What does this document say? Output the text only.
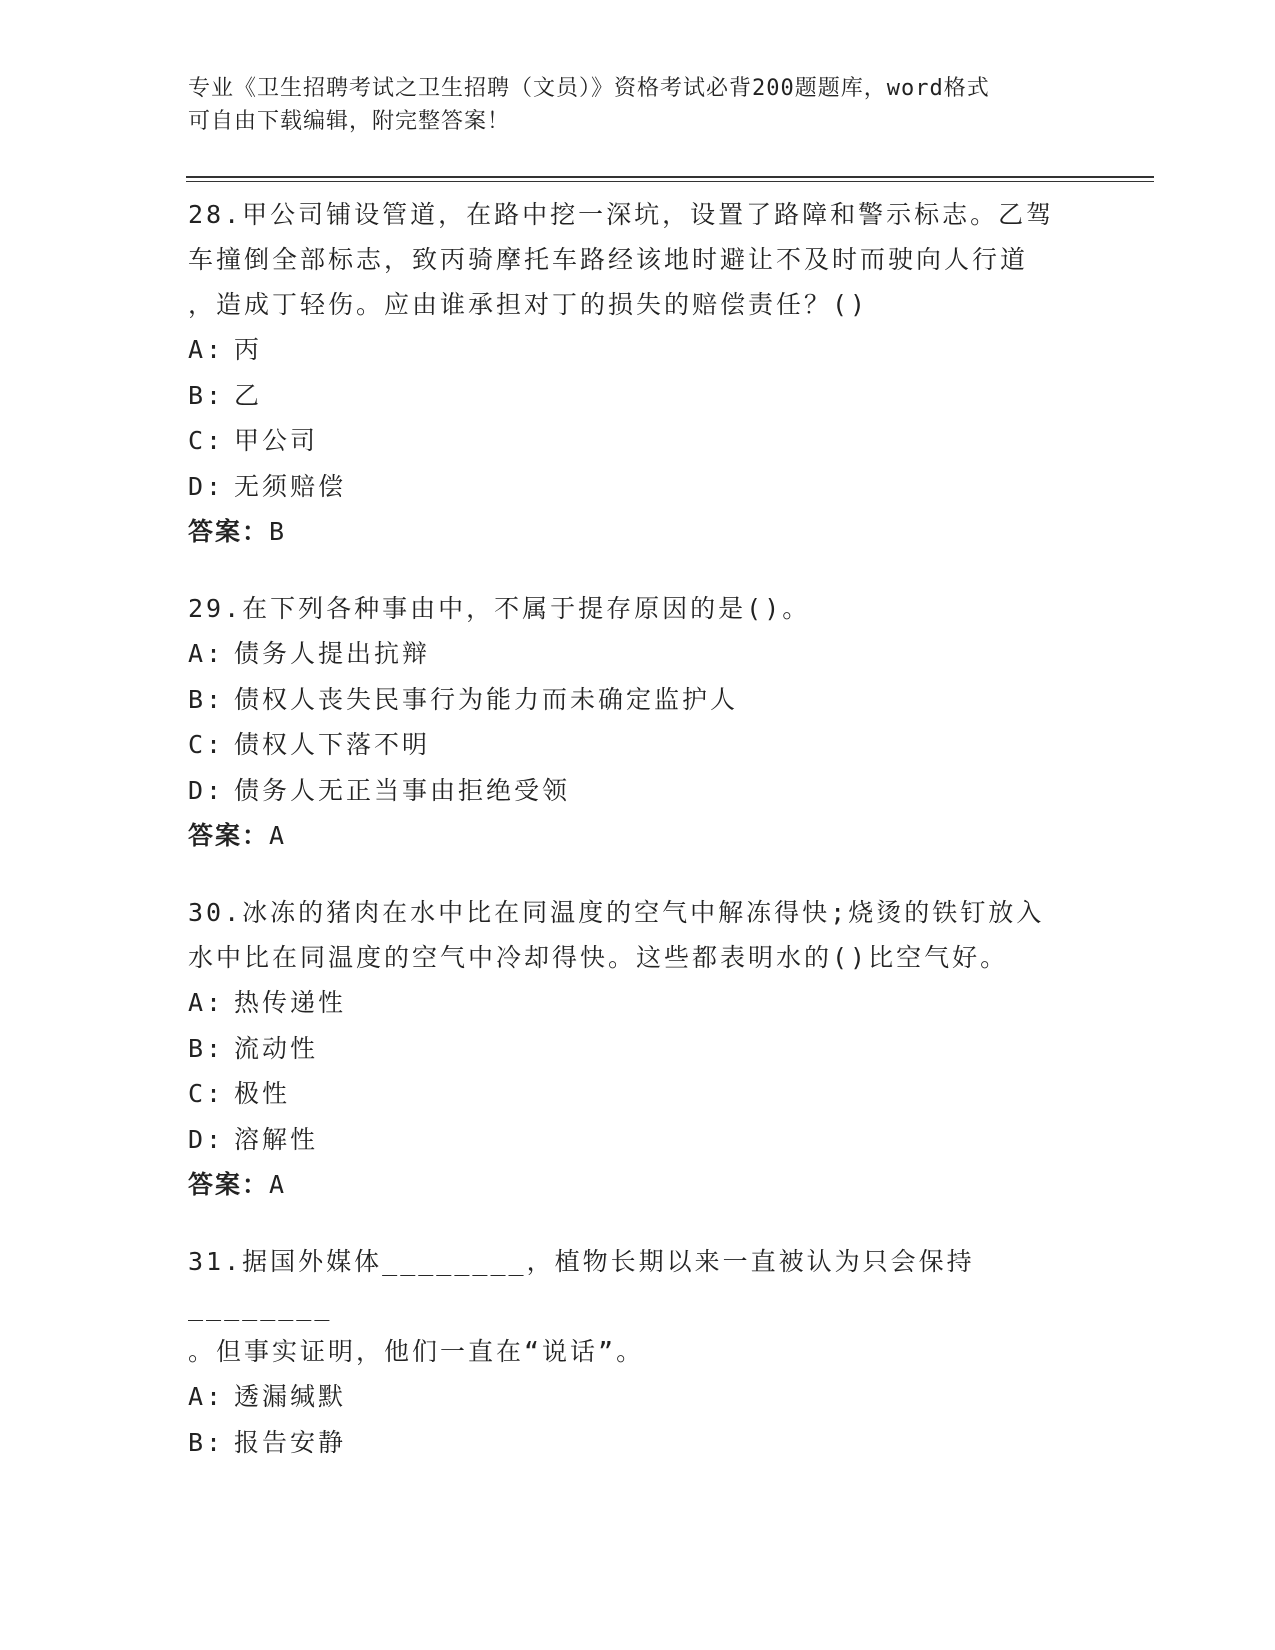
专业《卫生招聘考试之卫生招聘（文员）》资格考试必背200题题库，word格式
可自由下载编辑，附完整答案！
28.甲公司铺设管道，在路中挖一深坑，设置了路障和警示标志。乙驾
车撞倒全部标志，致丙骑摩托车路经该地时避让不及时而驶向人行道
，造成丁轻伤。应由谁承担对丁的损失的赔偿责任？()
A: 丙
B: 乙
C: 甲公司
D: 无须赔偿
答案：B
29.在下列各种事由中，不属于提存原因的是()。
A: 债务人提出抗辩
B: 债权人丧失民事行为能力而未确定监护人
C: 债权人下落不明
D: 债务人无正当事由拒绝受领
答案：A
30.冰冻的猪肉在水中比在同温度的空气中解冻得快;烧烫的铁钉放入
水中比在同温度的空气中冷却得快。这些都表明水的()比空气好。
A: 热传递性
B: 流动性
C: 极性
D: 溶解性
答案：A
31.据国外媒体________，植物长期以来一直被认为只会保持________
。但事实证明，他们一直在“说话”。
A: 透漏缄默
B: 报告安静
